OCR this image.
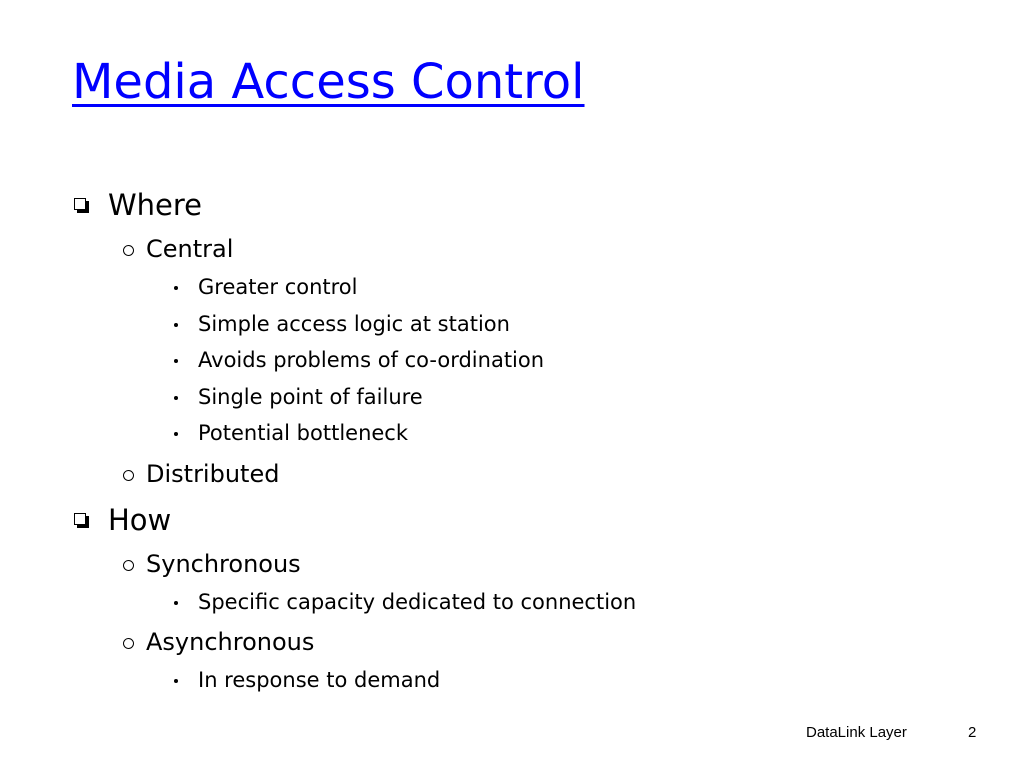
Media Access Control
Where
Central
Greater control
Simple access logic at station
Avoids problems of co-ordination
Single point of failure
Potential bottleneck
Distributed
How
Synchronous
Specific capacity dedicated to connection
Asynchronous
In response to demand
DataLink Layer	2
